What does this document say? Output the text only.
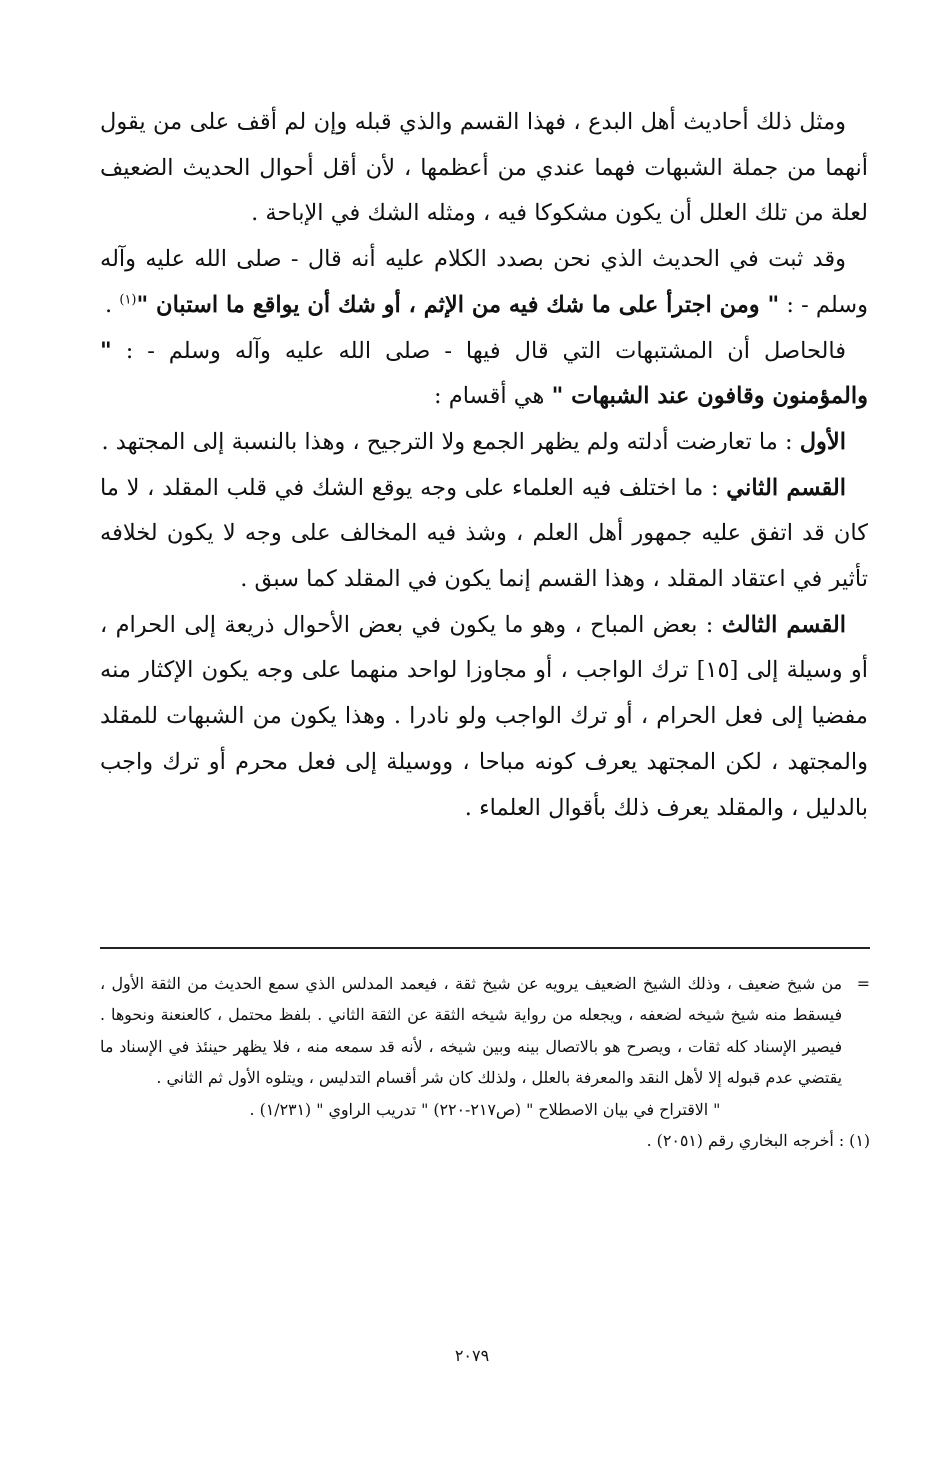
ومثل ذلك أحاديث أهل البدع ، فهذا القسم والذي قبله وإن لم أقف على من يقول أنهما من جملة الشبهات فهما عندي من أعظمها ، لأن أقل أحوال الحديث الضعيف لعلة من تلك العلل أن يكون مشكوكا فيه ، ومثله الشك في الإباحة .

وقد ثبت في الحديث الذي نحن بصدد الكلام عليه أنه قال - صلى الله عليه وآله وسلم - : " ومن اجترأ على ما شك فيه من الإثم ، أو شك أن يواقع ما استبان "$^{(١)}$ .

فالحاصل أن المشتبهات التي قال فيها - صلى الله عليه وآله وسلم - : " والمؤمنون وقافون عند الشبهات " هي أقسام :

الأول : ما تعارضت أدلته ولم يظهر الجمع ولا الترجيح ، وهذا بالنسبة إلى المجتهد .

القسم الثاني : ما اختلف فيه العلماء على وجه يوقع الشك في قلب المقلد ، لا ما كان قد اتفق عليه جمهور أهل العلم ، وشذ فيه المخالف على وجه لا يكون لخلافه تأثير في اعتقاد المقلد ، وهذا القسم إنما يكون في المقلد كما سبق .

القسم الثالث : بعض المباح ، وهو ما يكون في بعض الأحوال ذريعة إلى الحرام ، أو وسيلة إلى [١٥] ترك الواجب ، أو مجاوزا لواحد منهما على وجه يكون الإكثار منه مفضيا إلى فعل الحرام ، أو ترك الواجب ولو نادرا . وهذا يكون من الشبهات للمقلد والمجتهد ، لكن المجتهد يعرف كونه مباحا ، ووسيلة إلى فعل محرم أو ترك واجب بالدليل ، والمقلد يعرف ذلك بأقوال العلماء .

=
من شيخ ضعيف ، وذلك الشيخ الضعيف يرويه عن شيخ ثقة ، فيعمد المدلس الذي سمع الحديث من الثقة الأول ، فيسقط منه شيخ شيخه لضعفه ، ويجعله من رواية شيخه الثقة عن الثقة الثاني . بلفظ محتمل ، كالعنعنة ونحوها . فيصير الإسناد كله ثقات ، ويصرح هو بالاتصال بينه وبين شيخه ، لأنه قد سمعه منه ، فلا يظهر حينئذ في الإسناد ما يقتضي عدم قبوله إلا لأهل النقد والمعرفة بالعلل ، ولذلك كان شر أقسام التدليس ، ويتلوه الأول ثم الثاني .

" الاقتراح في بيان الاصطلاح " (ص٢١٧-٢٢٠) " تدريب الراوي " (١/٢٣١) .

(١) : أخرجه البخاري رقم (٢٠٥١) .

٢٠٧٩
